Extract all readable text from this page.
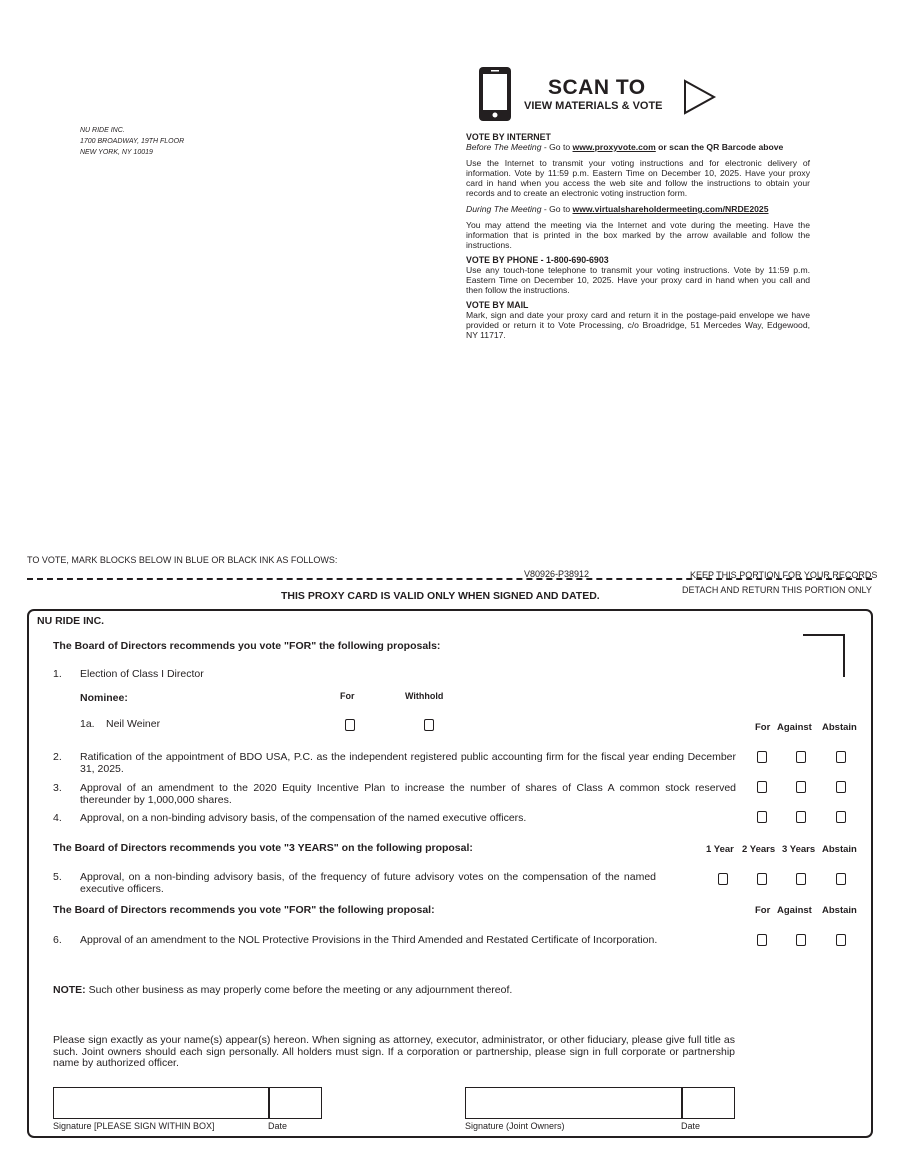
NU RIDE INC.
1700 BROADWAY, 19TH FLOOR
NEW YORK, NY 10019
SCAN TO
VIEW MATERIALS & VOTE
VOTE BY INTERNET
Before The Meeting - Go to www.proxyvote.com or scan the QR Barcode above
Use the Internet to transmit your voting instructions and for electronic delivery of information. Vote by 11:59 p.m. Eastern Time on December 10, 2025. Have your proxy card in hand when you access the web site and follow the instructions to obtain your records and to create an electronic voting instruction form.
During The Meeting - Go to www.virtualshareholdermeeting.com/NRDE2025
You may attend the meeting via the Internet and vote during the meeting. Have the information that is printed in the box marked by the arrow available and follow the instructions.
VOTE BY PHONE - 1-800-690-6903
Use any touch-tone telephone to transmit your voting instructions. Vote by 11:59 p.m. Eastern Time on December 10, 2025. Have your proxy card in hand when you call and then follow the instructions.
VOTE BY MAIL
Mark, sign and date your proxy card and return it in the postage-paid envelope we have provided or return it to Vote Processing, c/o Broadridge, 51 Mercedes Way, Edgewood, NY 11717.
TO VOTE, MARK BLOCKS BELOW IN BLUE OR BLACK INK AS FOLLOWS:
V80926-P38912	KEEP THIS PORTION FOR YOUR RECORDS
DETACH AND RETURN THIS PORTION ONLY
THIS PROXY CARD IS VALID ONLY WHEN SIGNED AND DATED.
NU RIDE INC.
The Board of Directors recommends you vote "FOR" the following proposals:
1. Election of Class I Director
Nominee:	For	Withhold
1a. Neil Weiner	For Against Abstain
2. Ratification of the appointment of BDO USA, P.C. as the independent registered public accounting firm for the fiscal year ending December 31, 2025.
3. Approval of an amendment to the 2020 Equity Incentive Plan to increase the number of shares of Class A common stock reserved thereunder by 1,000,000 shares.
4. Approval, on a non-binding advisory basis, of the compensation of the named executive officers.
The Board of Directors recommends you vote "3 YEARS" on the following proposal:	1 Year 2 Years 3 Years Abstain
5. Approval, on a non-binding advisory basis, of the frequency of future advisory votes on the compensation of the named executive officers.
The Board of Directors recommends you vote "FOR" the following proposal:	For Against Abstain
6. Approval of an amendment to the NOL Protective Provisions in the Third Amended and Restated Certificate of Incorporation.
NOTE: Such other business as may properly come before the meeting or any adjournment thereof.
Please sign exactly as your name(s) appear(s) hereon. When signing as attorney, executor, administrator, or other fiduciary, please give full title as such. Joint owners should each sign personally. All holders must sign. If a corporation or partnership, please sign in full corporate or partnership name by authorized officer.
Signature [PLEASE SIGN WITHIN BOX]	Date	Signature (Joint Owners)	Date
